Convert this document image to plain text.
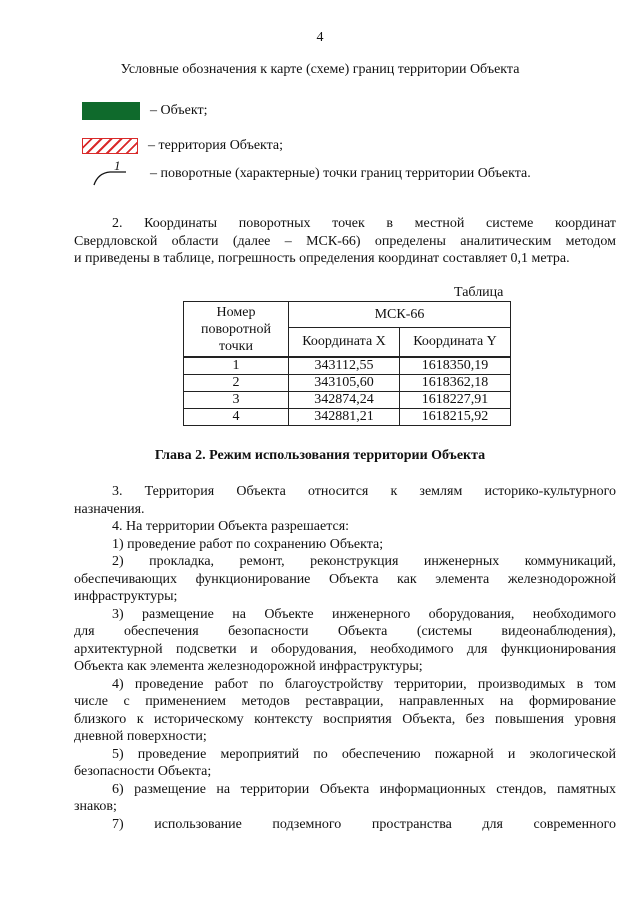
4
Условные обозначения к карте (схеме) границ территории Объекта
– Объект;
– территория Объекта;
1
– поворотные (характерные) точки границ территории Объекта.
2. Координаты поворотных точек в местной системе координат
Свердловской области (далее – МСК-66) определены аналитическим методом
и приведены в таблице, погрешность определения координат составляет 0,1 метра.
Таблица
Номер поворотной точки	МСК-66	
	Координата X	Координата Y
1	343112,55	1618350,19
2	343105,60	1618362,18
3	342874,24	1618227,91
4	342881,21	1618215,92
Глава 2. Режим использования территории Объекта
3. Территория Объекта относится к землям историко-культурного
назначения.
4. На территории Объекта разрешается:
1) проведение работ по сохранению Объекта;
2) прокладка, ремонт, реконструкция инженерных коммуникаций,
обеспечивающих функционирование Объекта как элемента железнодорожной
инфраструктуры;
3) размещение на Объекте инженерного оборудования, необходимого
для обеспечения безопасности Объекта (системы видеонаблюдения),
архитектурной подсветки и оборудования, необходимого для функционирования
Объекта как элемента железнодорожной инфраструктуры;
4) проведение работ по благоустройству территории, производимых в том
числе с применением методов реставрации, направленных на формирование
близкого к историческому контексту восприятия Объекта, без повышения уровня
дневной поверхности;
5) проведение мероприятий по обеспечению пожарной и экологической
безопасности Объекта;
6) размещение на территории Объекта информационных стендов, памятных
знаков;
7) использование подземного пространства для современного
